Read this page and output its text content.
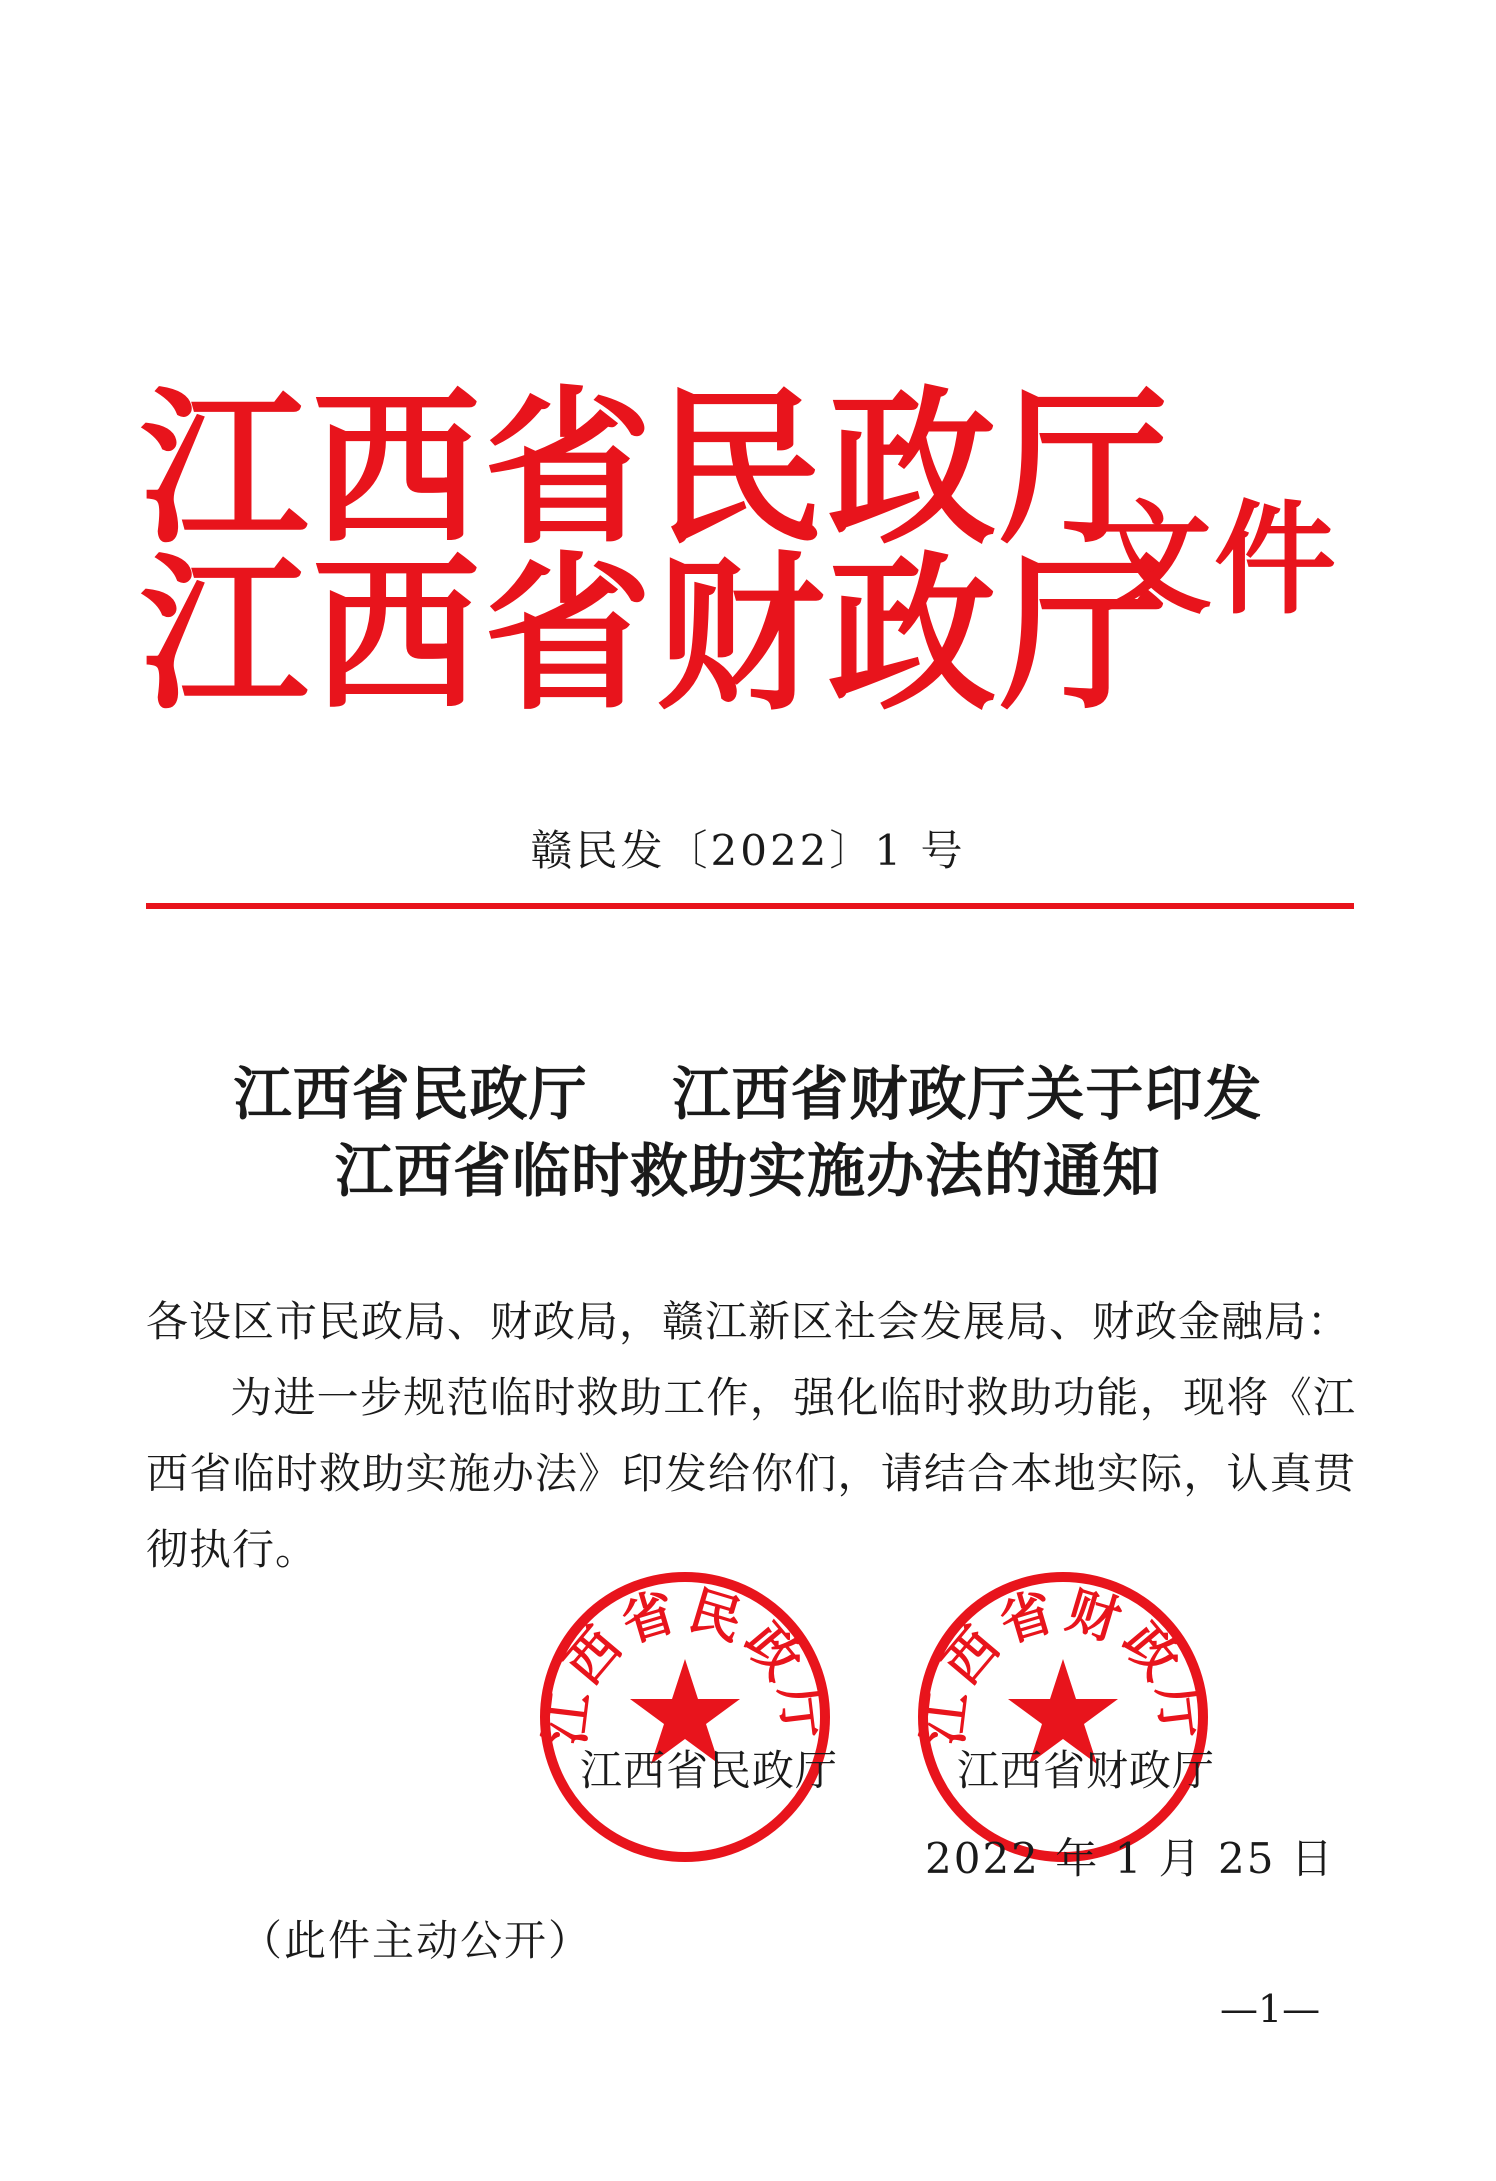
江西省民政厅
江西省财政厅
文件
赣民发〔2022〕1 号
江西省民政厅    江西省财政厅关于印发
江西省临时救助实施办法的通知
各设区市民政局、财政局，赣江新区社会发展局、财政金融局：
为进一步规范临时救助工作，强化临时救助功能，现将《江西省临时救助实施办法》印发给你们，请结合本地实际，认真贯彻执行。
江西省民政厅 江西省财政厅
江西省民政厅	江西省财政厅
2022 年 1 月 25 日
（此件主动公开）
—1—
